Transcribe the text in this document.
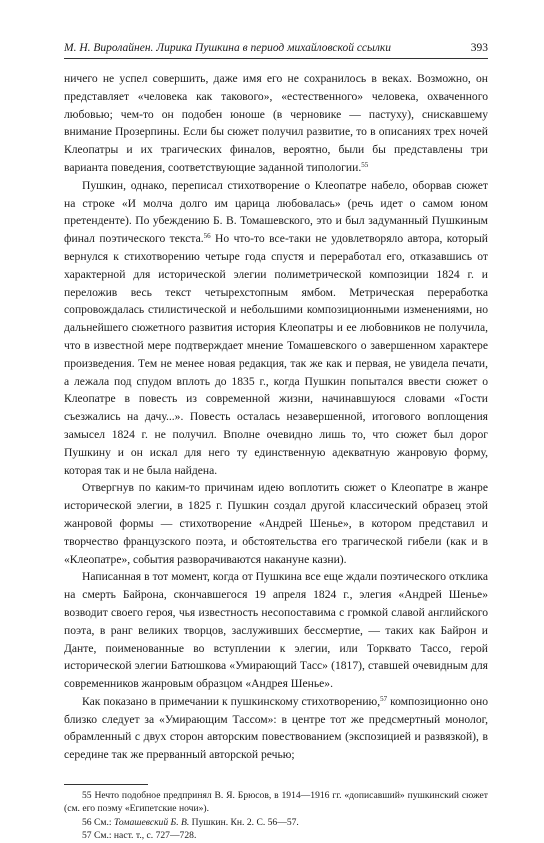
М. Н. Виролайнен. Лирика Пушкина в период михайловской ссылки	393

ничего не успел совершить, даже имя его не сохранилось в веках. Возможно, он представляет «человека как такового», «естественного» человека, охваченного любовью; чем-то он подобен юноше (в черновике — пастуху), снискавшему внимание Прозерпины. Если бы сюжет получил развитие, то в описаниях трех ночей Клеопатры и их трагических финалов, вероятно, были бы представлены три варианта поведения, соответствующие заданной типологии.$^{55}$

Пушкин, однако, переписал стихотворение о Клеопатре набело, оборвав сюжет на строке «И молча долго им царица любовалась» (речь идет о самом юном претенденте). По убеждению Б. В. Томашевского, это и был задуманный Пушкиным финал поэтического текста.$^{56}$ Но что-то все-таки не удовлетворяло автора, который вернулся к стихотворению четыре года спустя и переработал его, отказавшись от характерной для исторической элегии полиметрической композиции 1824 г. и переложив весь текст четырехстопным ямбом. Метрическая переработка сопровождалась стилистической и небольшими композиционными изменениями, но дальнейшего сюжетного развития история Клеопатры и ее любовников не получила, что в известной мере подтверждает мнение Томашевского о завершенном характере произведения. Тем не менее новая редакция, так же как и первая, не увидела печати, а лежала под спудом вплоть до 1835 г., когда Пушкин попытался ввести сюжет о Клеопатре в повесть из современной жизни, начинавшуюся словами «Гости съезжались на дачу...». Повесть осталась незавершенной, итогового воплощения замысел 1824 г. не получил. Вполне очевидно лишь то, что сюжет был дорог Пушкину и он искал для него ту единственную адекватную жанровую форму, которая так и не была найдена.

Отвергнув по каким-то причинам идею воплотить сюжет о Клеопатре в жанре исторической элегии, в 1825 г. Пушкин создал другой классический образец этой жанровой формы — стихотворение «Андрей Шенье», в котором представил и творчество французского поэта, и обстоятельства его трагической гибели (как и в «Клеопатре», события разворачиваются накануне казни).

Написанная в тот момент, когда от Пушкина все еще ждали поэтического отклика на смерть Байрона, скончавшегося 19 апреля 1824 г., элегия «Андрей Шенье» возводит своего героя, чья известность несопоставима с громкой славой английского поэта, в ранг великих творцов, заслуживших бессмертие, — таких как Байрон и Данте, поименованные во вступлении к элегии, или Торквато Тассо, герой исторической элегии Батюшкова «Умирающий Тасс» (1817), ставшей очевидным для современников жанровым образцом «Андрея Шенье».

Как показано в примечании к пушкинскому стихотворению,$^{57}$ композиционно оно близко следует за «Умирающим Тассом»: в центре тот же предсмертный монолог, обрамленный с двух сторон авторским повествованием (экспозицией и развязкой), в середине так же прерванный авторской речью;

55 Нечто подобное предпринял В. Я. Брюсов, в 1914—1916 гг. «дописавший» пушкинский сюжет (см. его поэму «Египетские ночи»).

56 См.: Томашевский Б. В. Пушкин. Кн. 2. С. 56—57.

57 См.: наст. т., с. 727—728.
